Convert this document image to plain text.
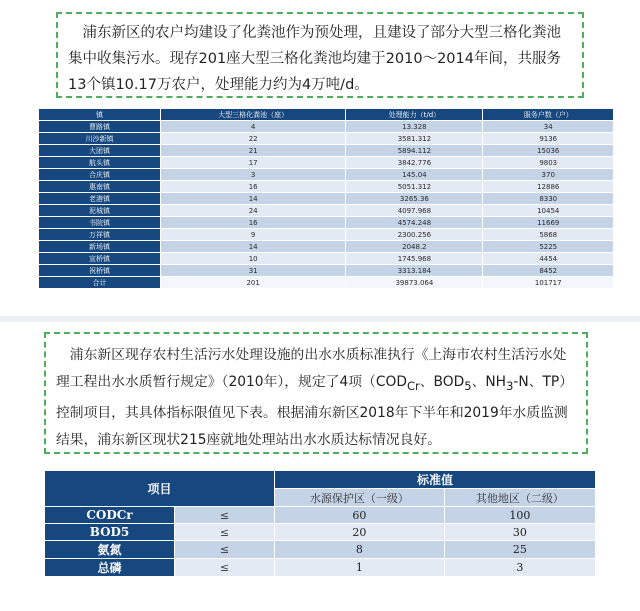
浦东新区的农户均建设了化粪池作为预处理，且建设了部分大型三格化粪池集中收集污水。现存201座大型三格化粪池均建于2010～2014年间，共服务13个镇10.17万农户，处理能力约为4万吨/d。

镇	大型三格化粪池（座）	处理能力（t/d）	服务户数（户）
曹路镇	4	13.328	34
川沙新镇	22	3581.312	9136
大团镇	21	5894.112	15036
航头镇	17	3842.776	9803
合庆镇	3	145.04	370
惠南镇	16	5051.312	12886
老港镇	14	3265.36	8330
泥城镇	24	4097.968	10454
书院镇	16	4574.248	11669
万祥镇	9	2300.256	5868
新场镇	14	2048.2	5225
宣桥镇	10	1745.968	4454
祝桥镇	31	3313.184	8452
合计	201	39873.064	101717

浦东新区现存农村生活污水处理设施的出水水质标准执行《上海市农村生活污水处理工程出水水质暂行规定》（2010年），规定了4项（$COD_{Cr}$、$BOD_5$、$NH_3-N$、TP）控制项目，其具体指标限值见下表。根据浦东新区2018年下半年和2019年水质监测结果，浦东新区现状215座就地处理站出水水质达标情况良好。

项目		标准值	
		水源保护区（一级）	其他地区（二级）
CODCr	≤	60	100
BOD5	≤	20	30
氨氮	≤	8	25
总磷	≤	1	3
